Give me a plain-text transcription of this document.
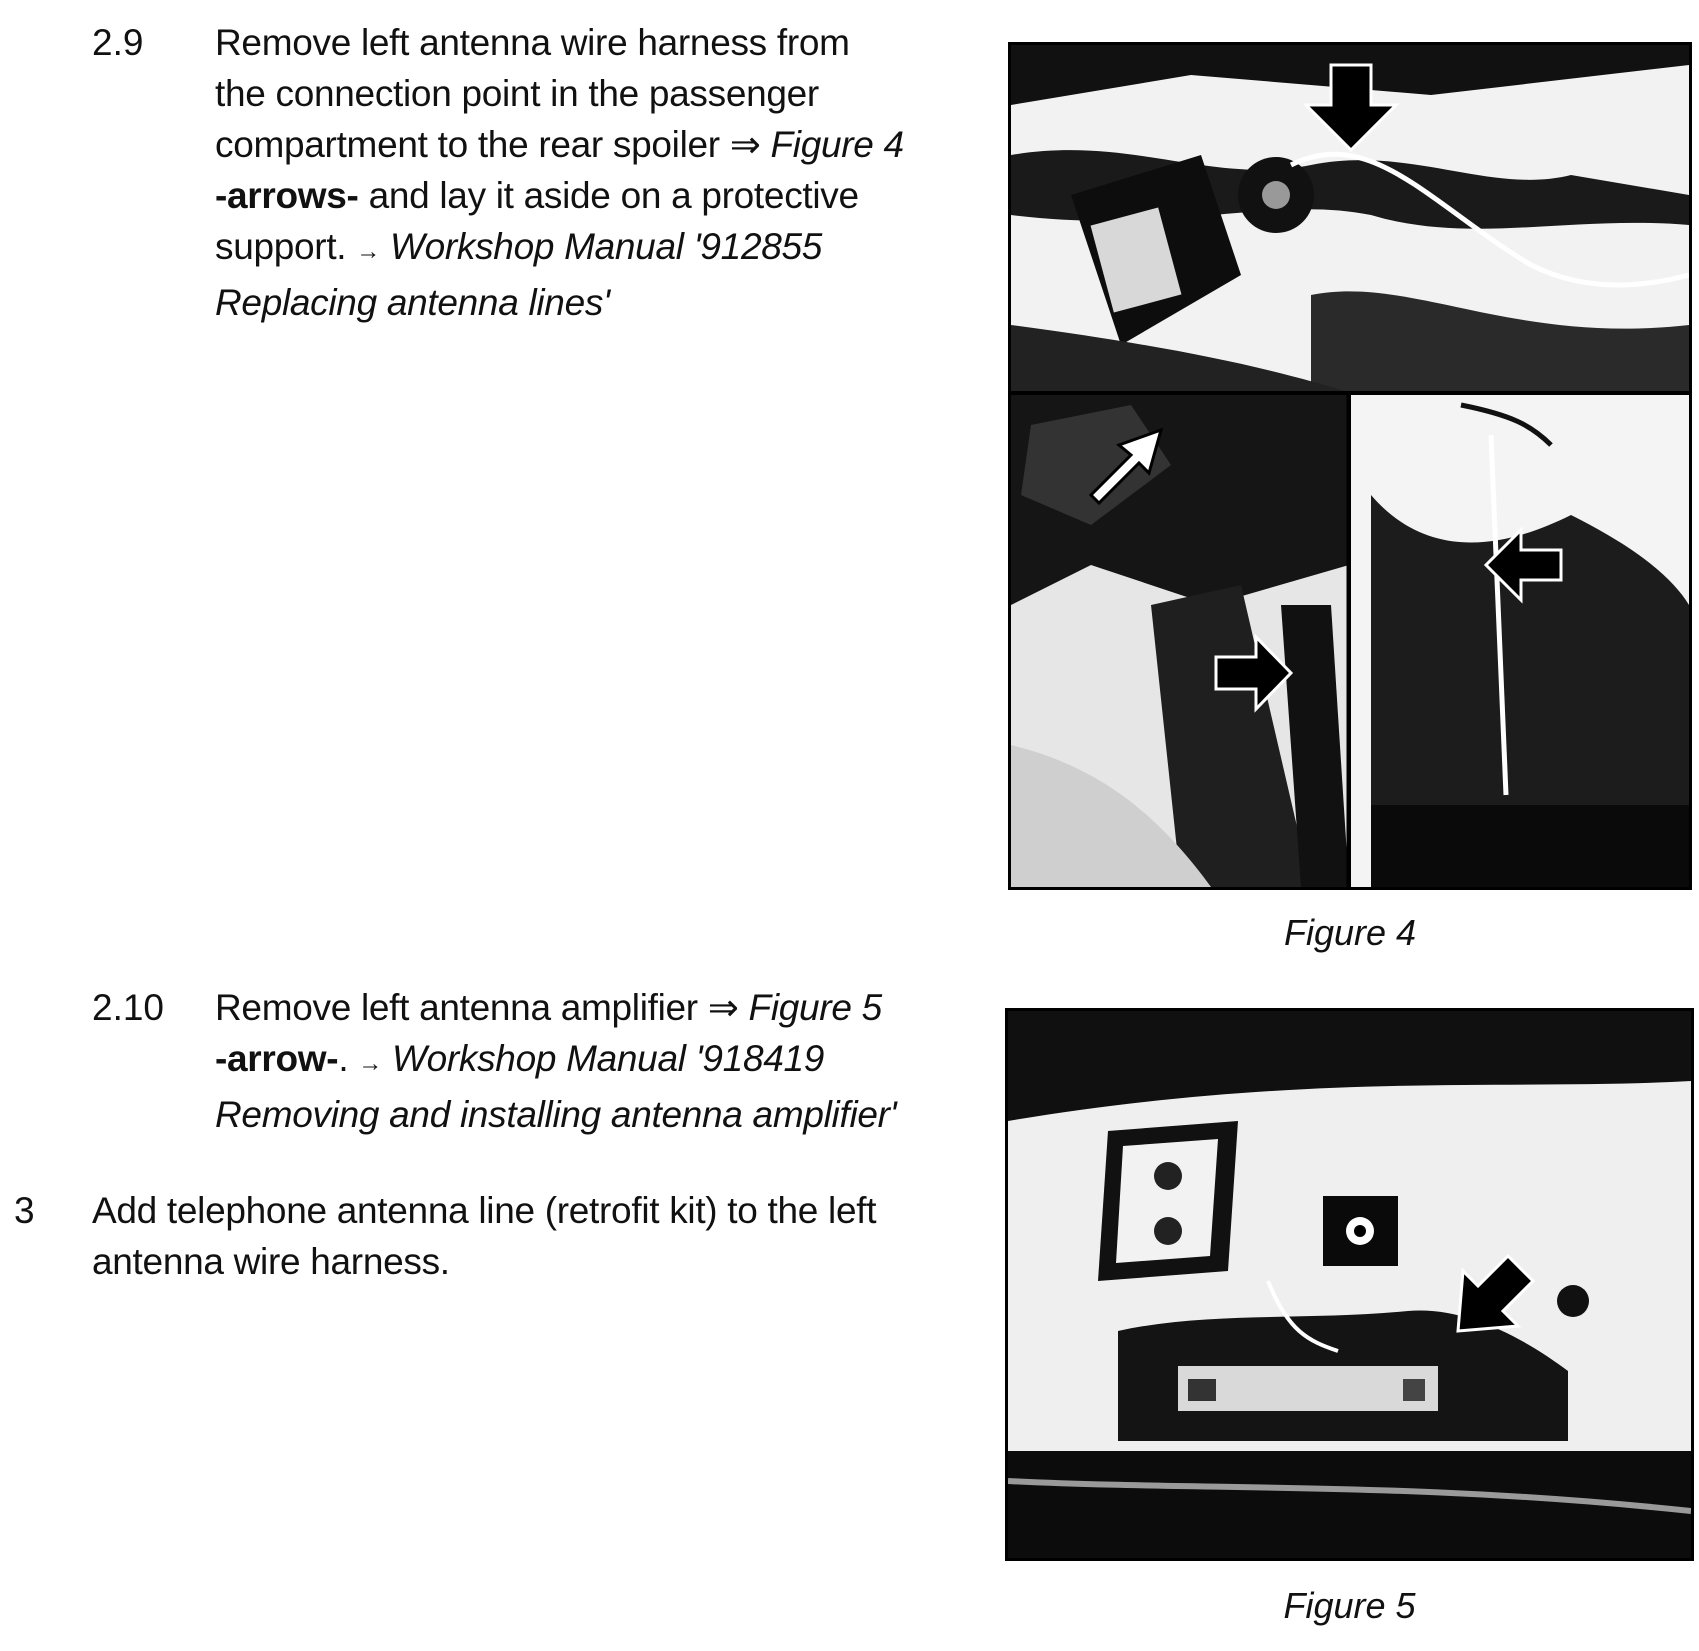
2.9 Remove left antenna wire harness from the connection point in the passenger compartment to the rear spoiler ⇒ Figure 4 -arrows- and lay it aside on a protective support. → Workshop Manual '912855 Replacing antenna lines'
2.10 Remove left antenna amplifier ⇒ Figure 5
-arrow-. → Workshop Manual '918419 Removing and installing antenna amplifier'
3 Add telephone antenna line (retrofit kit) to the left antenna wire harness.
Figure 4
Figure 5
